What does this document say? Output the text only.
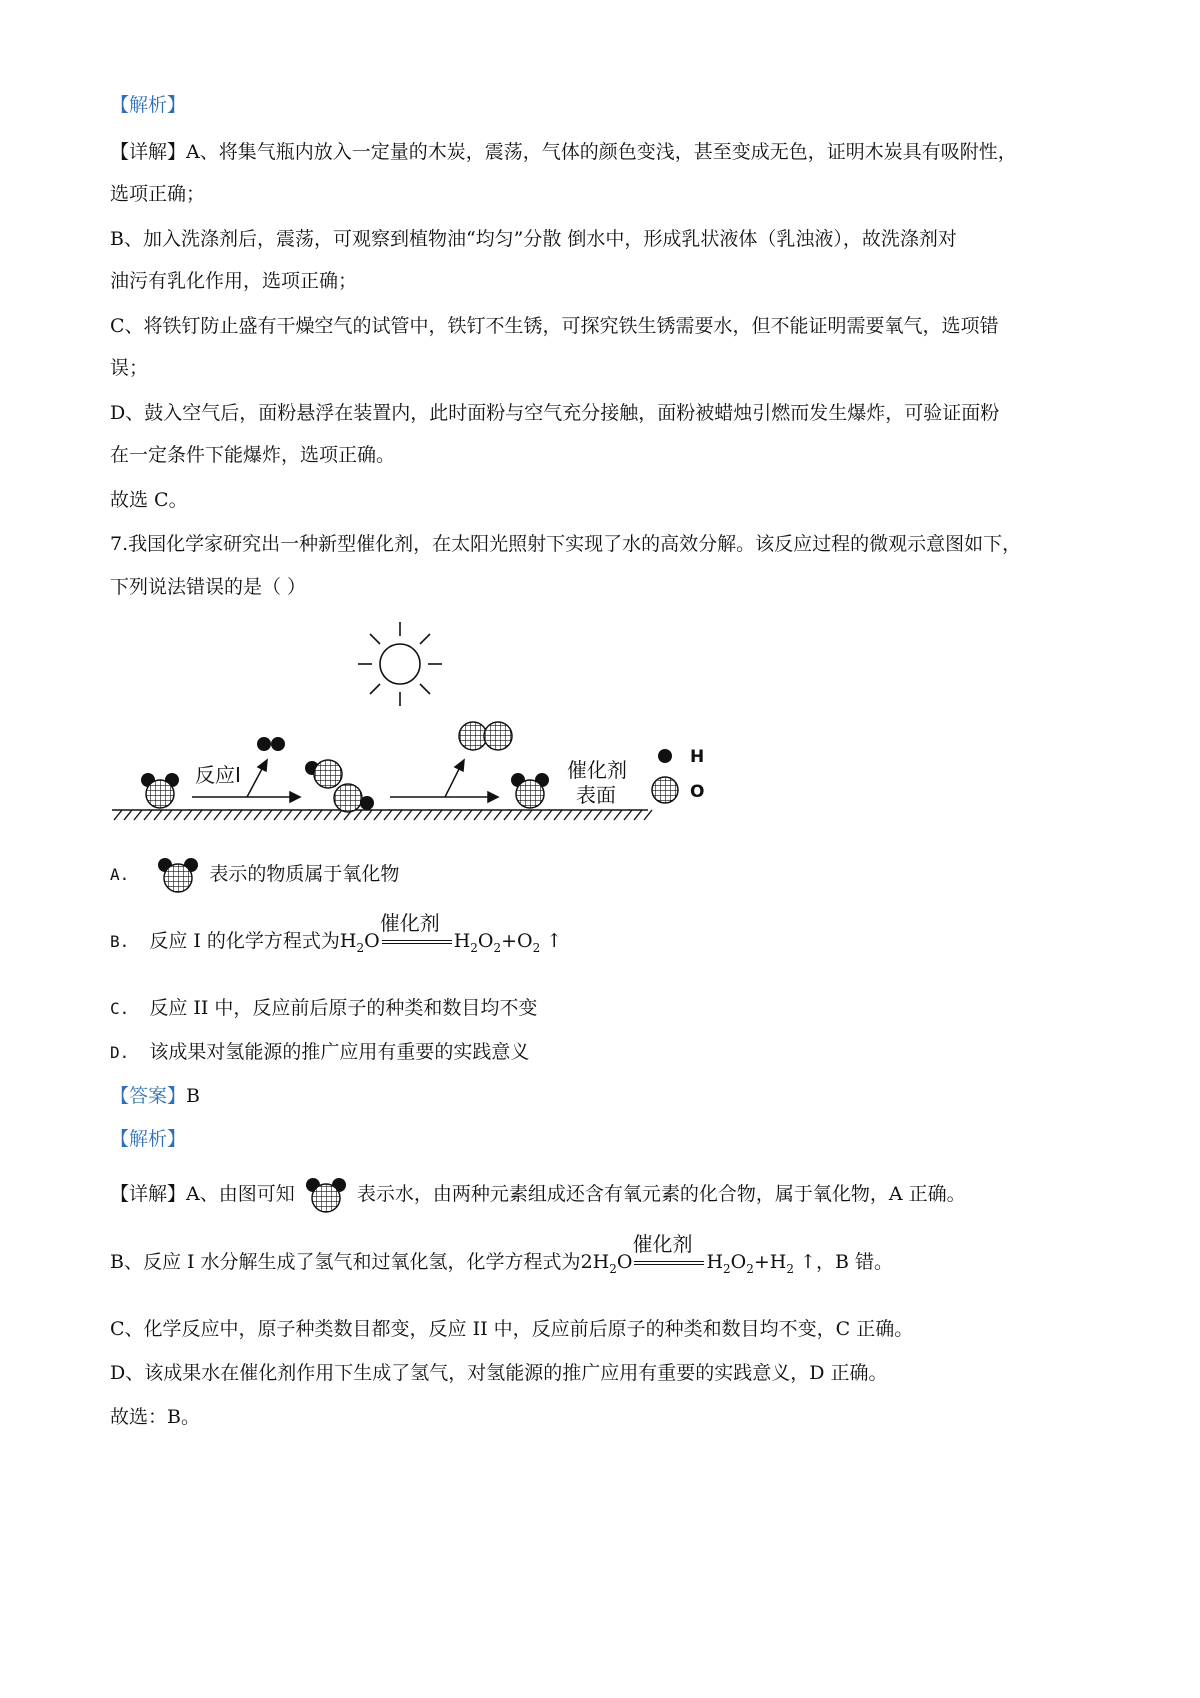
【解析】
【详解】A、将集气瓶内放入一定量的木炭，震荡，气体的颜色变浅，甚至变成无色，证明木炭具有吸附性，
选项正确；
B、加入洗涤剂后，震荡，可观察到植物油“均匀”分散 倒水中，形成乳状液体（乳浊液），故洗涤剂对
油污有乳化作用，选项正确；
C、将铁钉防止盛有干燥空气的试管中，铁钉不生锈，可探究铁生锈需要水，但不能证明需要氧气，选项错
误；
D、鼓入空气后，面粉悬浮在装置内，此时面粉与空气充分接触，面粉被蜡烛引燃而发生爆炸，可验证面粉
在一定条件下能爆炸，选项正确。
故选 C。
7.我国化学家研究出一种新型催化剂，在太阳光照射下实现了水的高效分解。该反应过程的微观示意图如下，
下列说法错误的是（ ）
反应Ⅰ	催化剂
表面
H
O
A.	表示的物质属于氧化物
B. 反应 I 的化学方程式为$H_2O$
催化剂
$H_2O_2+O_2$ ↑
C. 反应 II 中，反应前后原子的种类和数目均不变
D. 该成果对氢能源的推广应用有重要的实践意义
【答案】B
【解析】
【详解】A、由图可知	表示水，由两种元素组成还含有氧元素的化合物，属于氧化物，A 正确。
B、反应 I 水分解生成了氢气和过氧化氢，化学方程式为$2H_2O$
催化剂
$H_2O_2+H_2$ ↑，B 错。
C、化学反应中，原子种类数目都变，反应 II 中，反应前后原子的种类和数目均不变，C 正确。
D、该成果水在催化剂作用下生成了氢气，对氢能源的推广应用有重要的实践意义，D 正确。
故选：B。
